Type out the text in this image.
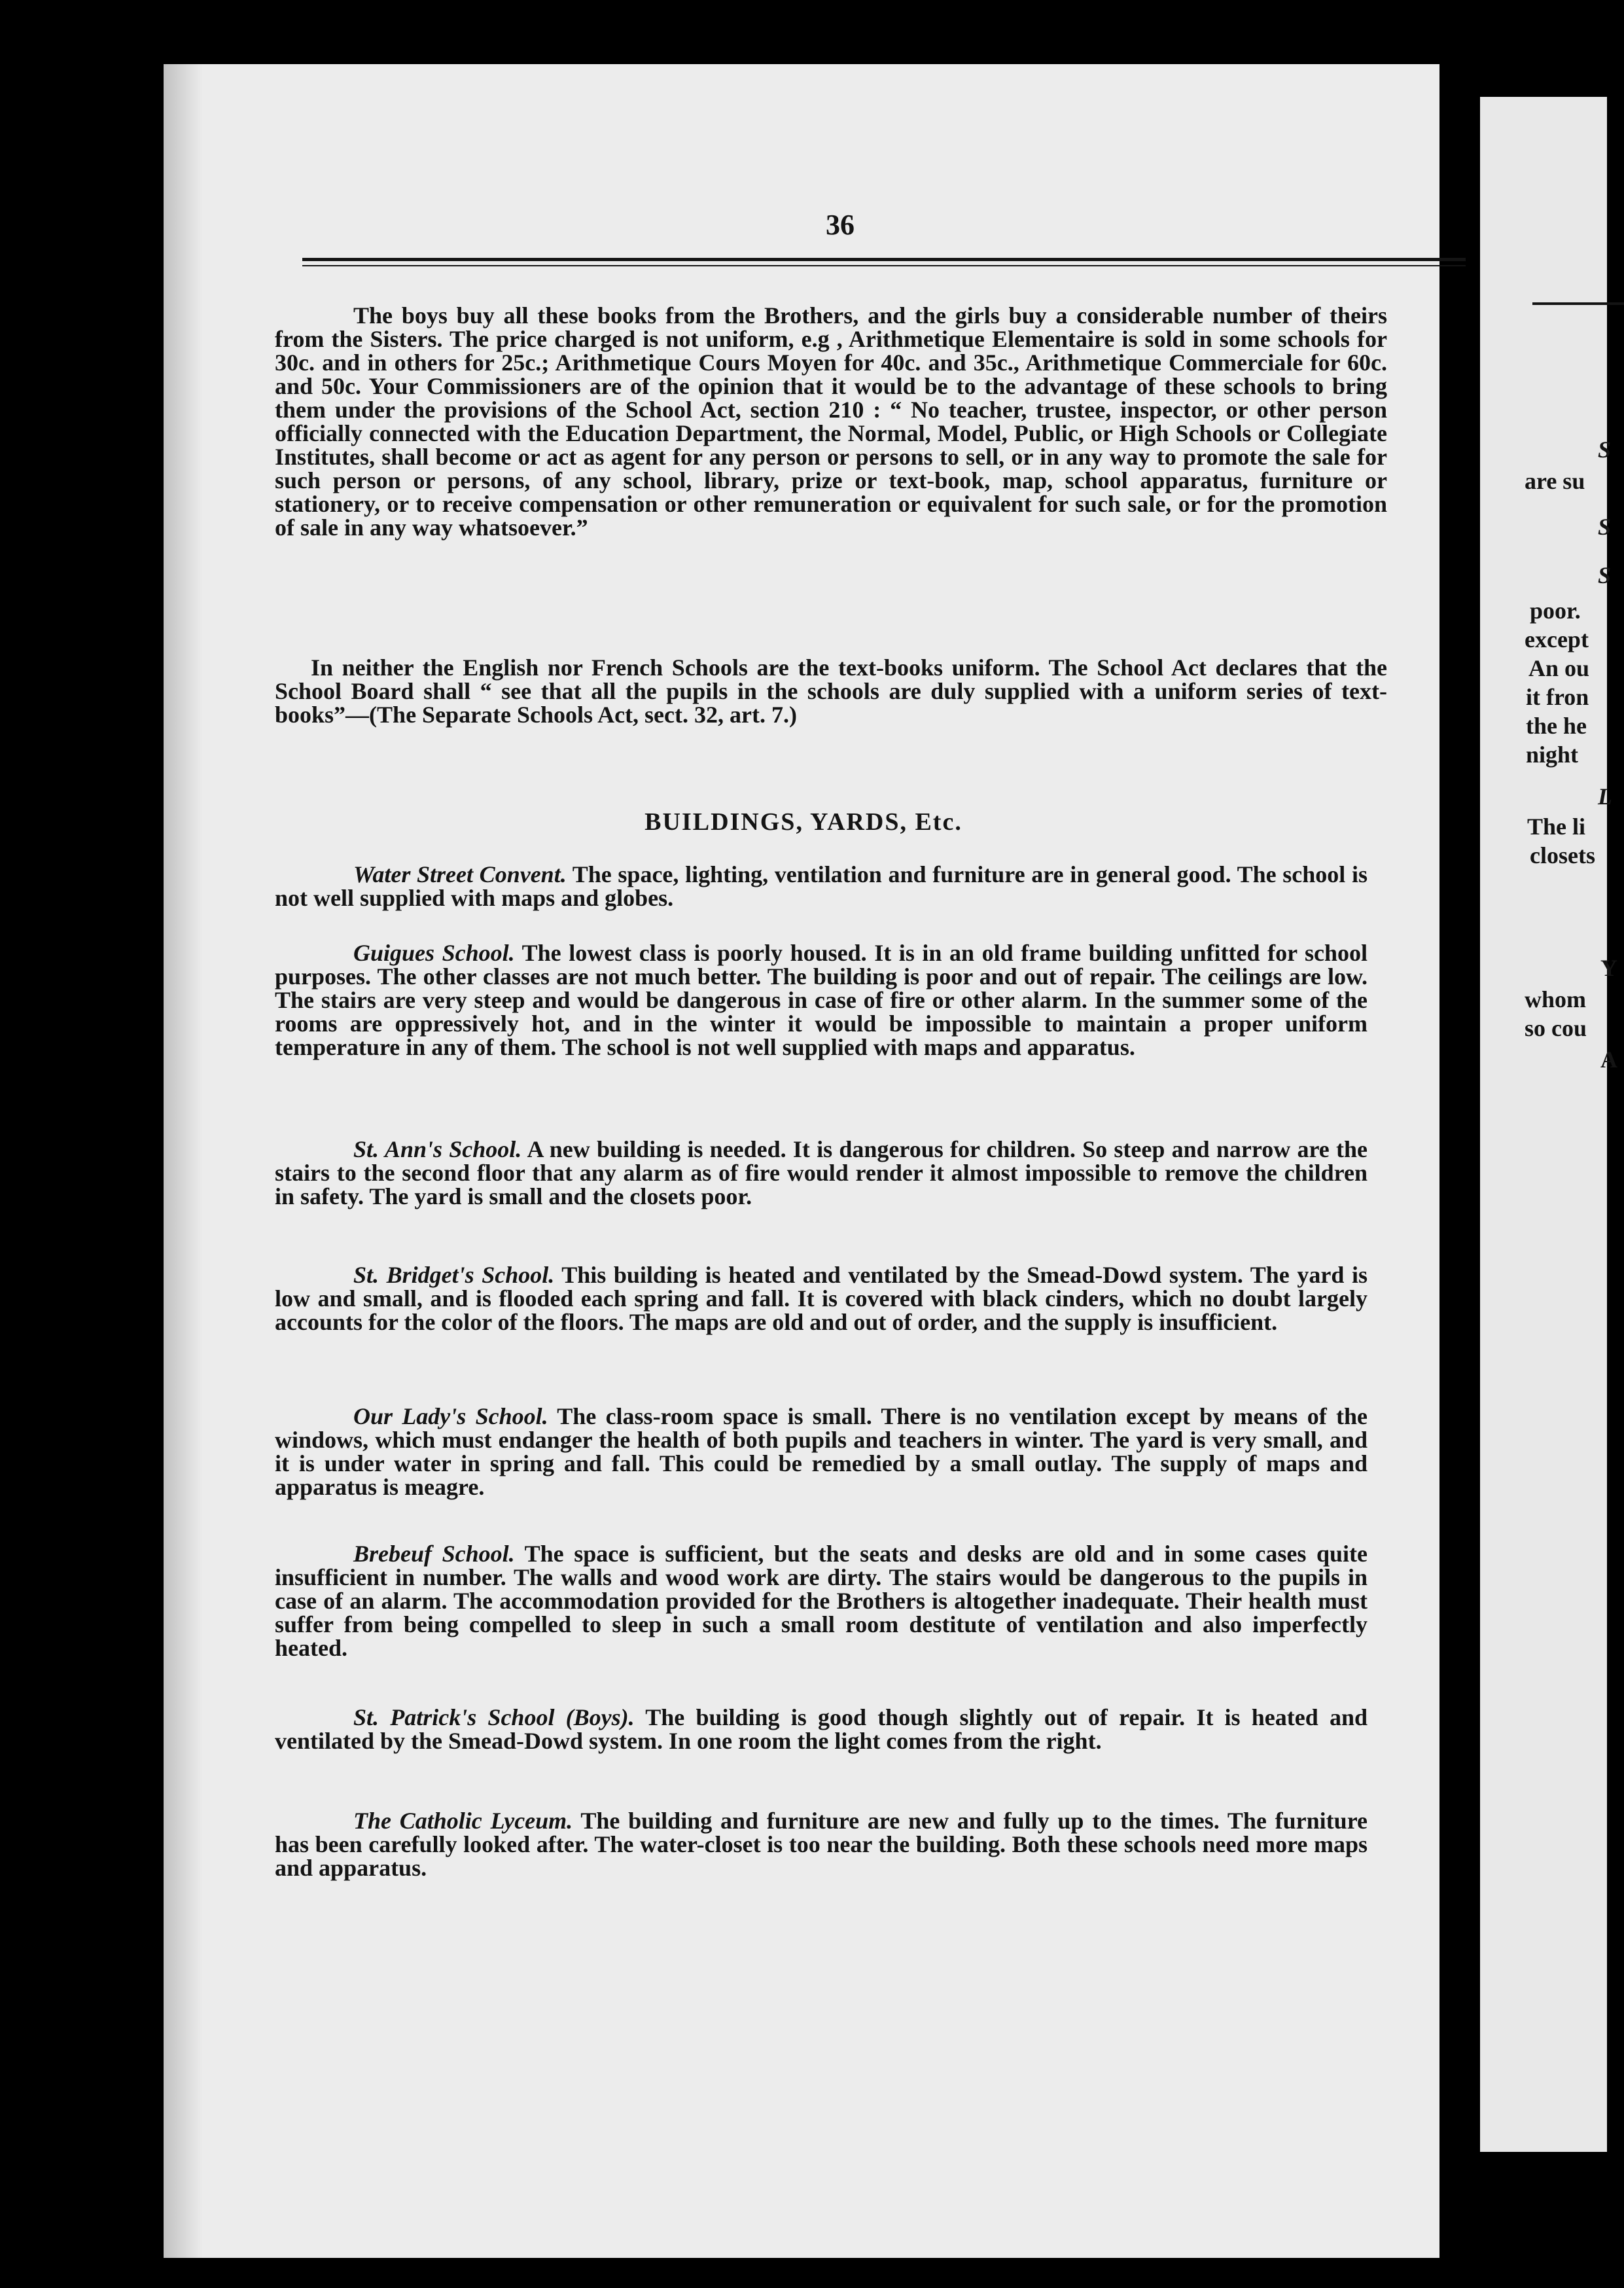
S
are su
S
S
poor.
except
An ou
it fron
the he
night
L
The li
closets
Y
whom
so cou
A
36

The boys buy all these books from the Brothers, and the girls buy a considerable number of theirs from the Sisters. The price charged is not uniform, e.g , Arithmetique Elementaire is sold in some schools for 30c. and in others for 25c.; Arithmetique Cours Moyen for 40c. and 35c., Arithmetique Commerciale for 60c. and 50c. Your Commissioners are of the opinion that it would be to the advantage of these schools to bring them under the provisions of the School Act, section 210 : “ No teacher, trustee, inspector, or other person officially connected with the Education Department, the Normal, Model, Public, or High Schools or Collegiate Institutes, shall become or act as agent for any person or persons to sell, or in any way to promote the sale for such person or persons, of any school, library, prize or text-book, map, school apparatus, furniture or stationery, or to receive compensation or other remuneration or equivalent for such sale, or for the promotion of sale in any way whatsoever.”

In neither the English nor French Schools are the text-books uniform. The School Act declares that the School Board shall “ see that all the pupils in the schools are duly supplied with a uniform series of text-books”—(The Separate Schools Act, sect. 32, art. 7.)

BUILDINGS, YARDS, Etc.

Water Street Convent. The space, lighting, ventilation and furniture are in general good. The school is not well supplied with maps and globes.

Guigues School. The lowest class is poorly housed. It is in an old frame building unfitted for school purposes. The other classes are not much better. The building is poor and out of repair. The ceilings are low. The stairs are very steep and would be dangerous in case of fire or other alarm. In the summer some of the rooms are oppressively hot, and in the winter it would be impossible to maintain a proper uniform temperature in any of them. The school is not well supplied with maps and apparatus.

St. Ann's School. A new building is needed. It is dangerous for children. So steep and narrow are the stairs to the second floor that any alarm as of fire would render it almost impossible to remove the children in safety. The yard is small and the closets poor.

St. Bridget's School. This building is heated and ventilated by the Smead-Dowd system. The yard is low and small, and is flooded each spring and fall. It is covered with black cinders, which no doubt largely accounts for the color of the floors. The maps are old and out of order, and the supply is insufficient.

Our Lady's School. The class-room space is small. There is no ventilation except by means of the windows, which must endanger the health of both pupils and teachers in winter. The yard is very small, and it is under water in spring and fall. This could be remedied by a small outlay. The supply of maps and apparatus is meagre.

Brebeuf School. The space is sufficient, but the seats and desks are old and in some cases quite insufficient in number. The walls and wood work are dirty. The stairs would be dangerous to the pupils in case of an alarm. The accommodation provided for the Brothers is altogether inadequate. Their health must suffer from being compelled to sleep in such a small room destitute of ventilation and also imperfectly heated.

St. Patrick's School (Boys). The building is good though slightly out of repair. It is heated and ventilated by the Smead-Dowd system. In one room the light comes from the right.

The Catholic Lyceum. The building and furniture are new and fully up to the times. The furniture has been carefully looked after. The water-closet is too near the building. Both these schools need more maps and apparatus.
